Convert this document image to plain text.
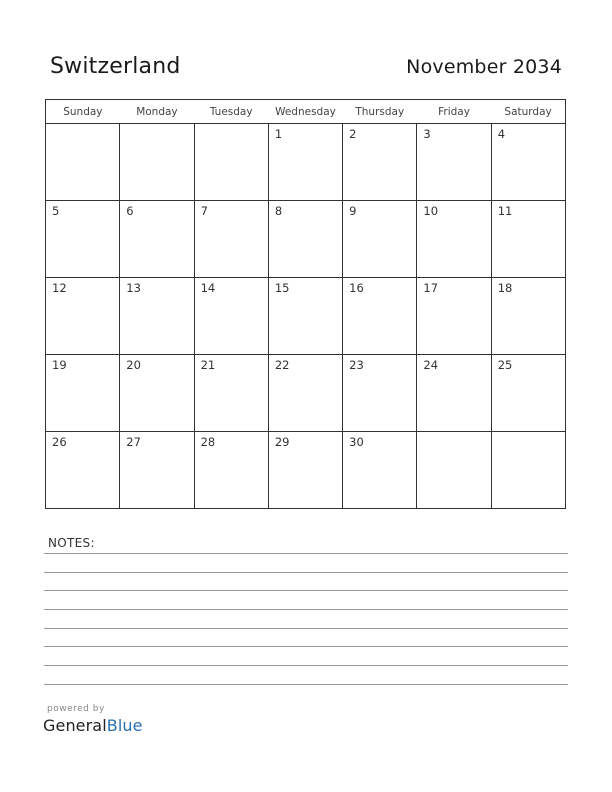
Switzerland	November 2034
Sunday	Monday	Tuesday	Wednesday	Thursday	Friday	Saturday

			1	2	3	4

5	6	7	8	9	10	11

12	13	14	15	16	17	18

19	20	21	22	23	24	25

26	27	28	29	30		

NOTES:
powered by
GeneralBlue
